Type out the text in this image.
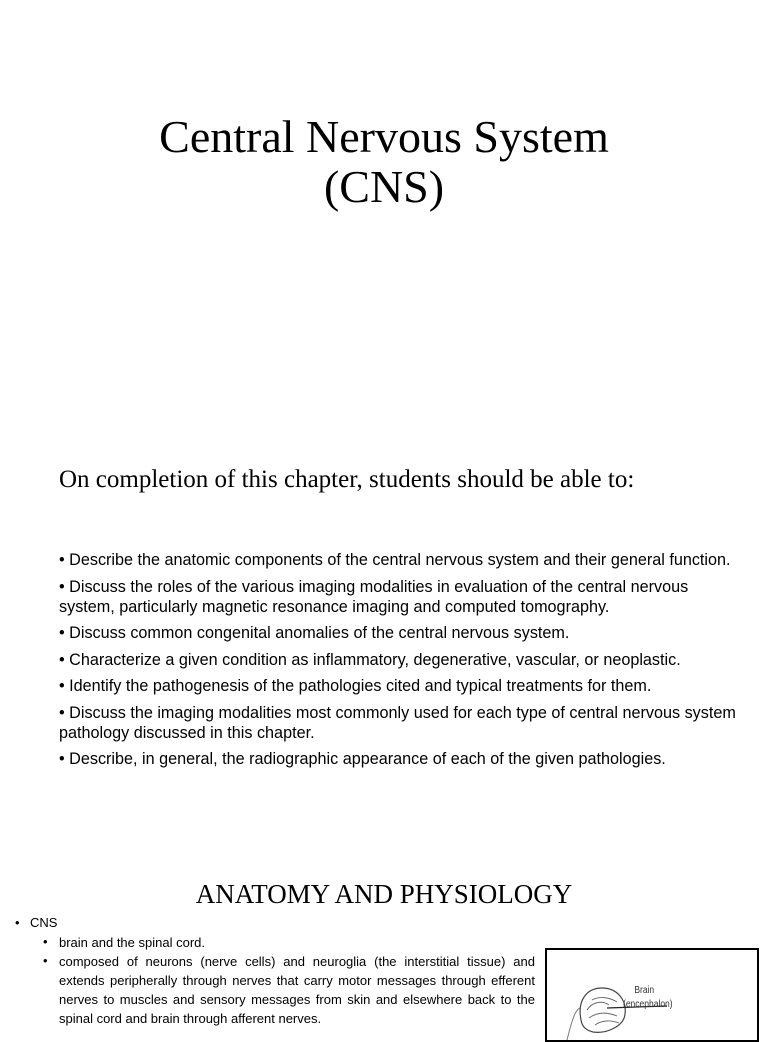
Central Nervous System
(CNS)
On completion of this chapter, students should be able to:
• Describe the anatomic components of the central nervous system and their general function.
• Discuss the roles of the various imaging modalities in evaluation of the central nervous system, particularly magnetic resonance imaging and computed tomography.
• Discuss common congenital anomalies of the central nervous system.
• Characterize a given condition as inflammatory, degenerative, vascular, or neoplastic.
• Identify the pathogenesis of the pathologies cited and typical treatments for them.
• Discuss the imaging modalities most commonly used for each type of central nervous system pathology discussed in this chapter.
• Describe, in general, the radiographic appearance of each of the given pathologies.
ANATOMY AND PHYSIOLOGY
• CNS
• brain and the spinal cord.
• composed of neurons (nerve cells) and neuroglia (the interstitial tissue) and extends peripherally through nerves that carry motor messages through efferent nerves to muscles and sensory messages from skin and elsewhere back to the spinal cord and brain through afferent nerves.
Brain
(encephalon)
